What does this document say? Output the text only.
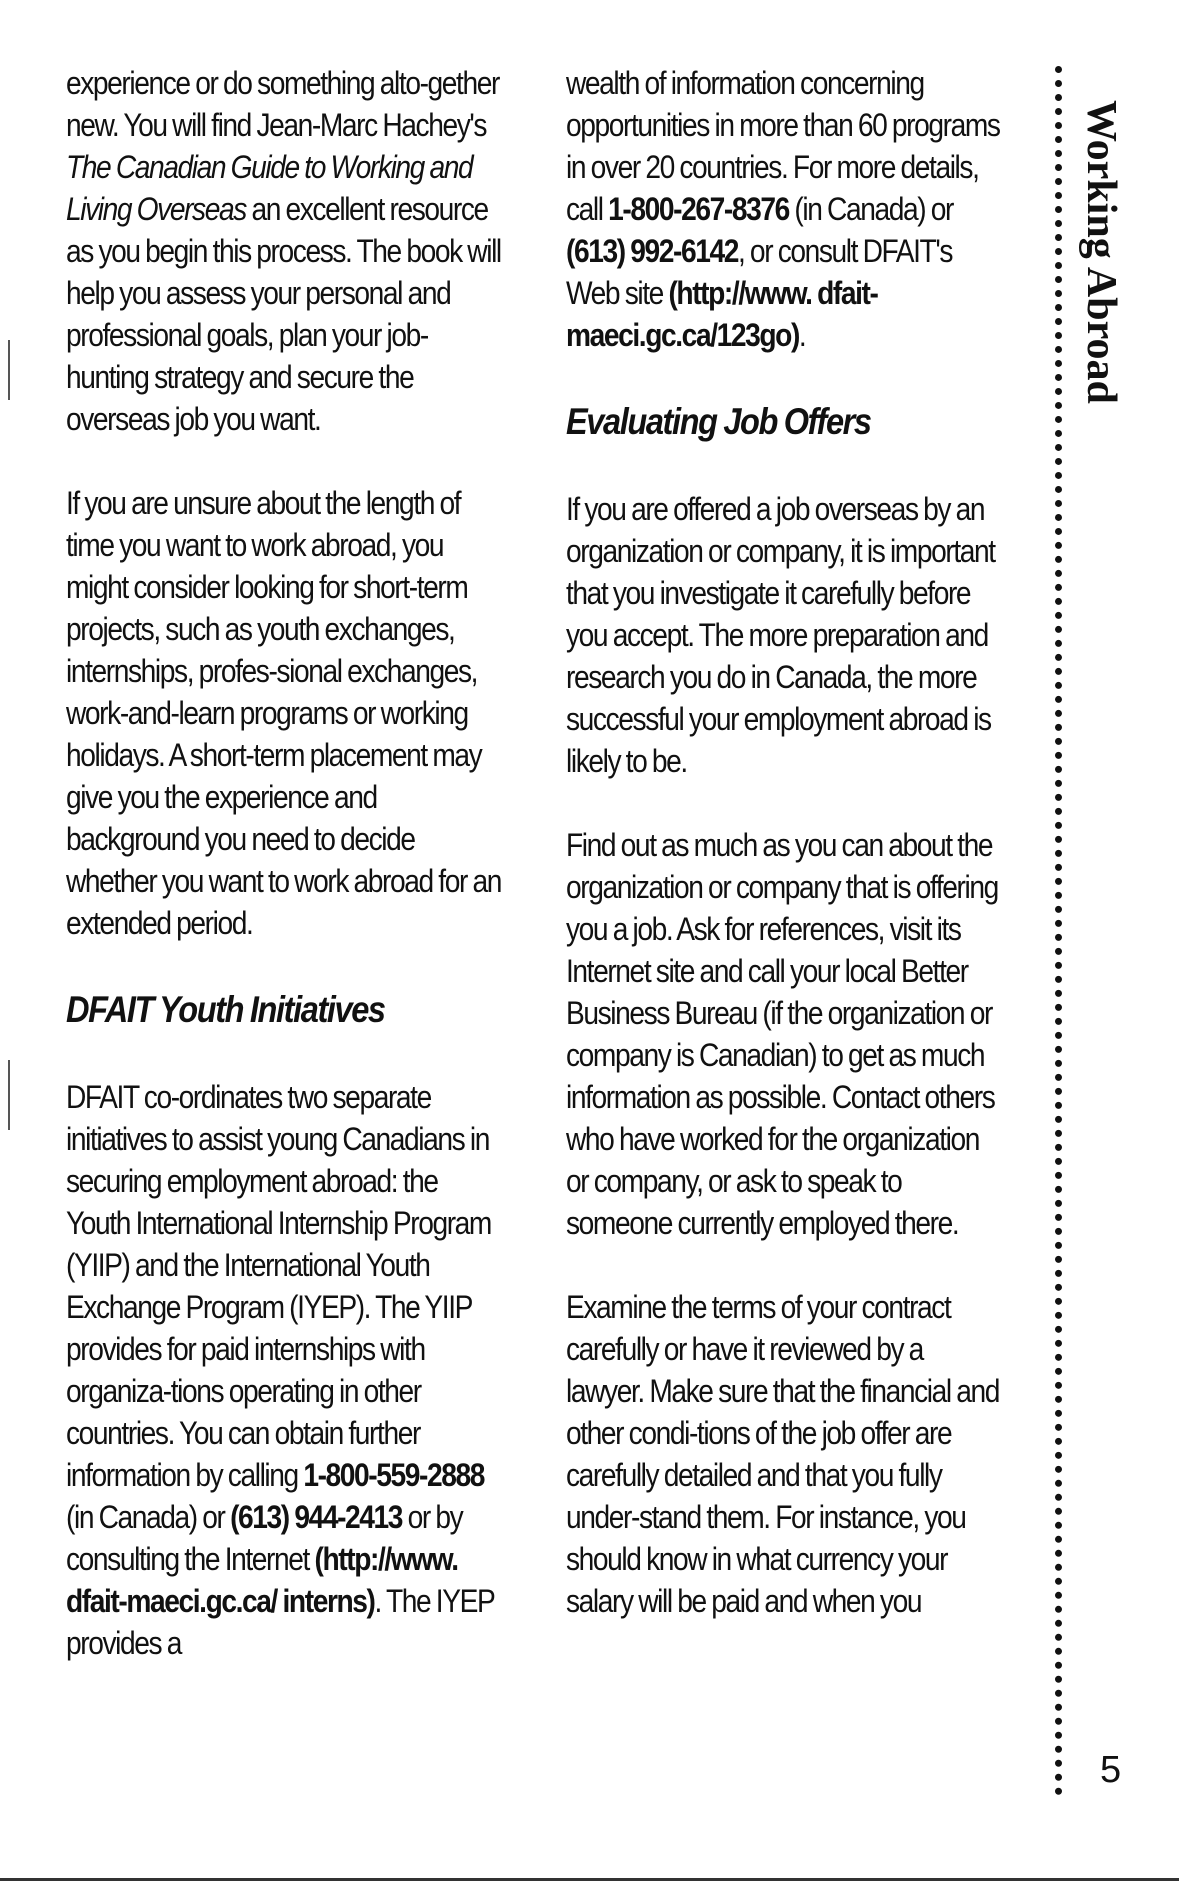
experience or do something alto-gether new. You will find Jean-Marc Hachey's The Canadian Guide to Working and Living Overseas an excellent resource as you begin this process. The book will help you assess your personal and professional goals, plan your job-hunting strategy and secure the overseas job you want.

If you are unsure about the length of time you want to work abroad, you might consider looking for short-term projects, such as youth exchanges, internships, profes-sional exchanges, work-and-learn programs or working holidays. A short-term placement may give you the experience and background you need to decide whether you want to work abroad for an extended period.

DFAIT Youth Initiatives

DFAIT co-ordinates two separate initiatives to assist young Canadians in securing employment abroad: the Youth International Internship Program (YIIP) and the International Youth Exchange Program (IYEP). The YIIP provides for paid internships with organiza-tions operating in other countries. You can obtain further information by calling 1-800-559-2888 (in Canada) or (613) 944-2413 or by consulting the Internet (http://www. dfait-maeci.gc.ca/ interns). The IYEP provides a

wealth of information concerning opportunities in more than 60 programs in over 20 countries. For more details, call 1-800-267-8376 (in Canada) or (613) 992-6142, or consult DFAIT's Web site (http://www. dfait-maeci.gc.ca/123go).

Evaluating Job Offers

If you are offered a job overseas by an organization or company, it is important that you investigate it carefully before you accept. The more preparation and research you do in Canada, the more successful your employment abroad is likely to be.

Find out as much as you can about the organization or company that is offering you a job. Ask for references, visit its Internet site and call your local Better Business Bureau (if the organization or company is Canadian) to get as much information as possible. Contact others who have worked for the organization or company, or ask to speak to someone currently employed there.

Examine the terms of your contract carefully or have it reviewed by a lawyer. Make sure that the financial and other condi-tions of the job offer are carefully detailed and that you fully under-stand them. For instance, you should know in what currency your salary will be paid and when you

Working Abroad
5
